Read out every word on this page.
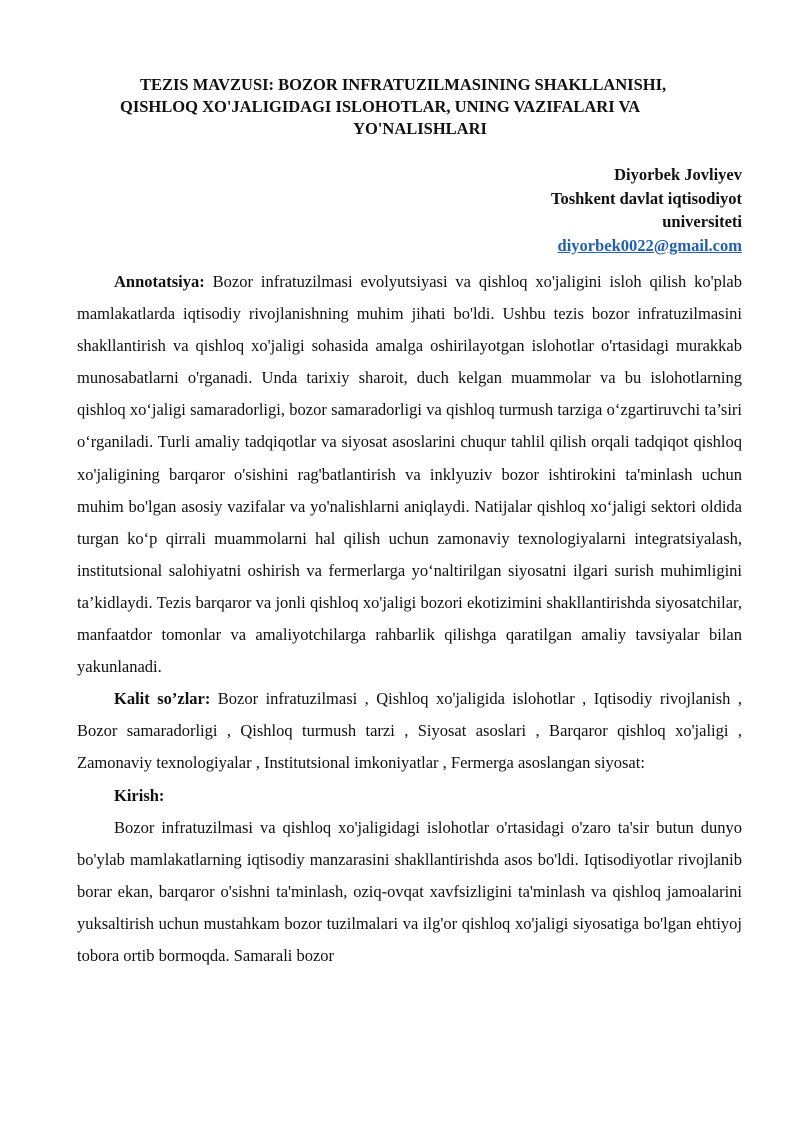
TEZIS MAVZUSI: BOZOR INFRATUZILMASINING SHAKLLANISHI,
QISHLOQ XO'JALIGIDAGI ISLOHOTLAR, UNING VAZIFALARI VA
YO'NALISHLARI
Diyorbek Jovliyev
Toshkent davlat iqtisodiyot
universiteti
diyorbek0022@gmail.com

Annotatsiya: Bozor infratuzilmasi evolyutsiyasi va qishloq xo'jaligini isloh qilish ko'plab mamlakatlarda iqtisodiy rivojlanishning muhim jihati bo'ldi. Ushbu tezis bozor infratuzilmasini shakllantirish va qishloq xo'jaligi sohasida amalga oshirilayotgan islohotlar o'rtasidagi murakkab munosabatlarni o'rganadi. Unda tarixiy sharoit, duch kelgan muammolar va bu islohotlarning qishloq xo‘jaligi samaradorligi, bozor samaradorligi va qishloq turmush tarziga o‘zgartiruvchi ta’siri o‘rganiladi. Turli amaliy tadqiqotlar va siyosat asoslarini chuqur tahlil qilish orqali tadqiqot qishloq xo'jaligining barqaror o'sishini rag'batlantirish va inklyuziv bozor ishtirokini ta'minlash uchun muhim bo'lgan asosiy vazifalar va yo'nalishlarni aniqlaydi. Natijalar qishloq xo‘jaligi sektori oldida turgan ko‘p qirrali muammolarni hal qilish uchun zamonaviy texnologiyalarni integratsiyalash, institutsional salohiyatni oshirish va fermerlarga yo‘naltirilgan siyosatni ilgari surish muhimligini ta’kidlaydi. Tezis barqaror va jonli qishloq xo'jaligi bozori ekotizimini shakllantirishda siyosatchilar, manfaatdor tomonlar va amaliyotchilarga rahbarlik qilishga qaratilgan amaliy tavsiyalar bilan yakunlanadi.

Kalit so’zlar: Bozor infratuzilmasi , Qishloq xo'jaligida islohotlar , Iqtisodiy rivojlanish , Bozor samaradorligi , Qishloq turmush tarzi , Siyosat asoslari , Barqaror qishloq xo'jaligi , Zamonaviy texnologiyalar , Institutsional imkoniyatlar , Fermerga asoslangan siyosat:

Kirish:

Bozor infratuzilmasi va qishloq xo'jaligidagi islohotlar o'rtasidagi o'zaro ta'sir butun dunyo bo'ylab mamlakatlarning iqtisodiy manzarasini shakllantirishda asos bo'ldi. Iqtisodiyotlar rivojlanib borar ekan, barqaror o'sishni ta'minlash, oziq-ovqat xavfsizligini ta'minlash va qishloq jamoalarini yuksaltirish uchun mustahkam bozor tuzilmalari va ilg'or qishloq xo'jaligi siyosatiga bo'lgan ehtiyoj tobora ortib bormoqda. Samarali bozor
